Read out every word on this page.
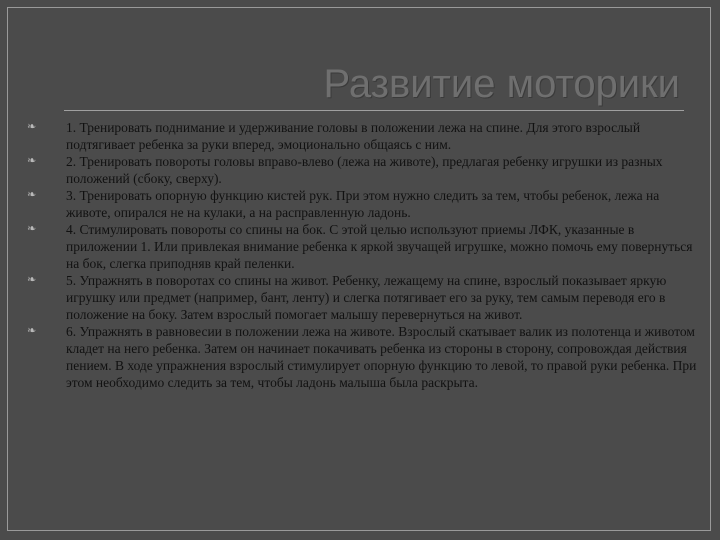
Развитие моторики
❧	1. Тренировать поднимание и удерживание головы в положении лежа на спине. Для этого взрослый подтягивает ребенка за руки вперед, эмоционально общаясь с ним.
❧	2. Тренировать повороты головы вправо-влево (лежа на животе), предлагая ребенку игрушки из разных положений (сбоку, сверху).
❧	3. Тренировать опорную функцию кистей рук. При этом нужно следить за тем, чтобы ребенок, лежа на животе, опирался не на кулаки, а на расправленную ладонь.
❧	4. Стимулировать повороты со спины на бок. С этой целью используют приемы ЛФК, указанные в приложении 1. Или привлекая внимание ребенка к яркой звучащей игрушке, можно помочь ему повернуться на бок, слегка приподняв край пеленки.
❧	5. Упражнять в поворотах со спины на живот. Ребенку, лежащему на спине, взрослый показывает яркую игрушку или предмет (например, бант, ленту) и слегка потягивает его за руку, тем самым переводя его в положение на боку. Затем взрослый помогает малышу перевернуться на живот.
❧	6. Упражнять в равновесии в положении лежа на животе. Взрослый скатывает валик из полотенца и животом кладет на него ребенка. Затем он начинает покачивать ребенка из стороны в сторону, сопровождая действия пением. В ходе упражнения взрослый стимулирует опорную функцию то левой, то правой руки ребенка. При этом необходимо следить за тем, чтобы ладонь малыша была раскрыта.
